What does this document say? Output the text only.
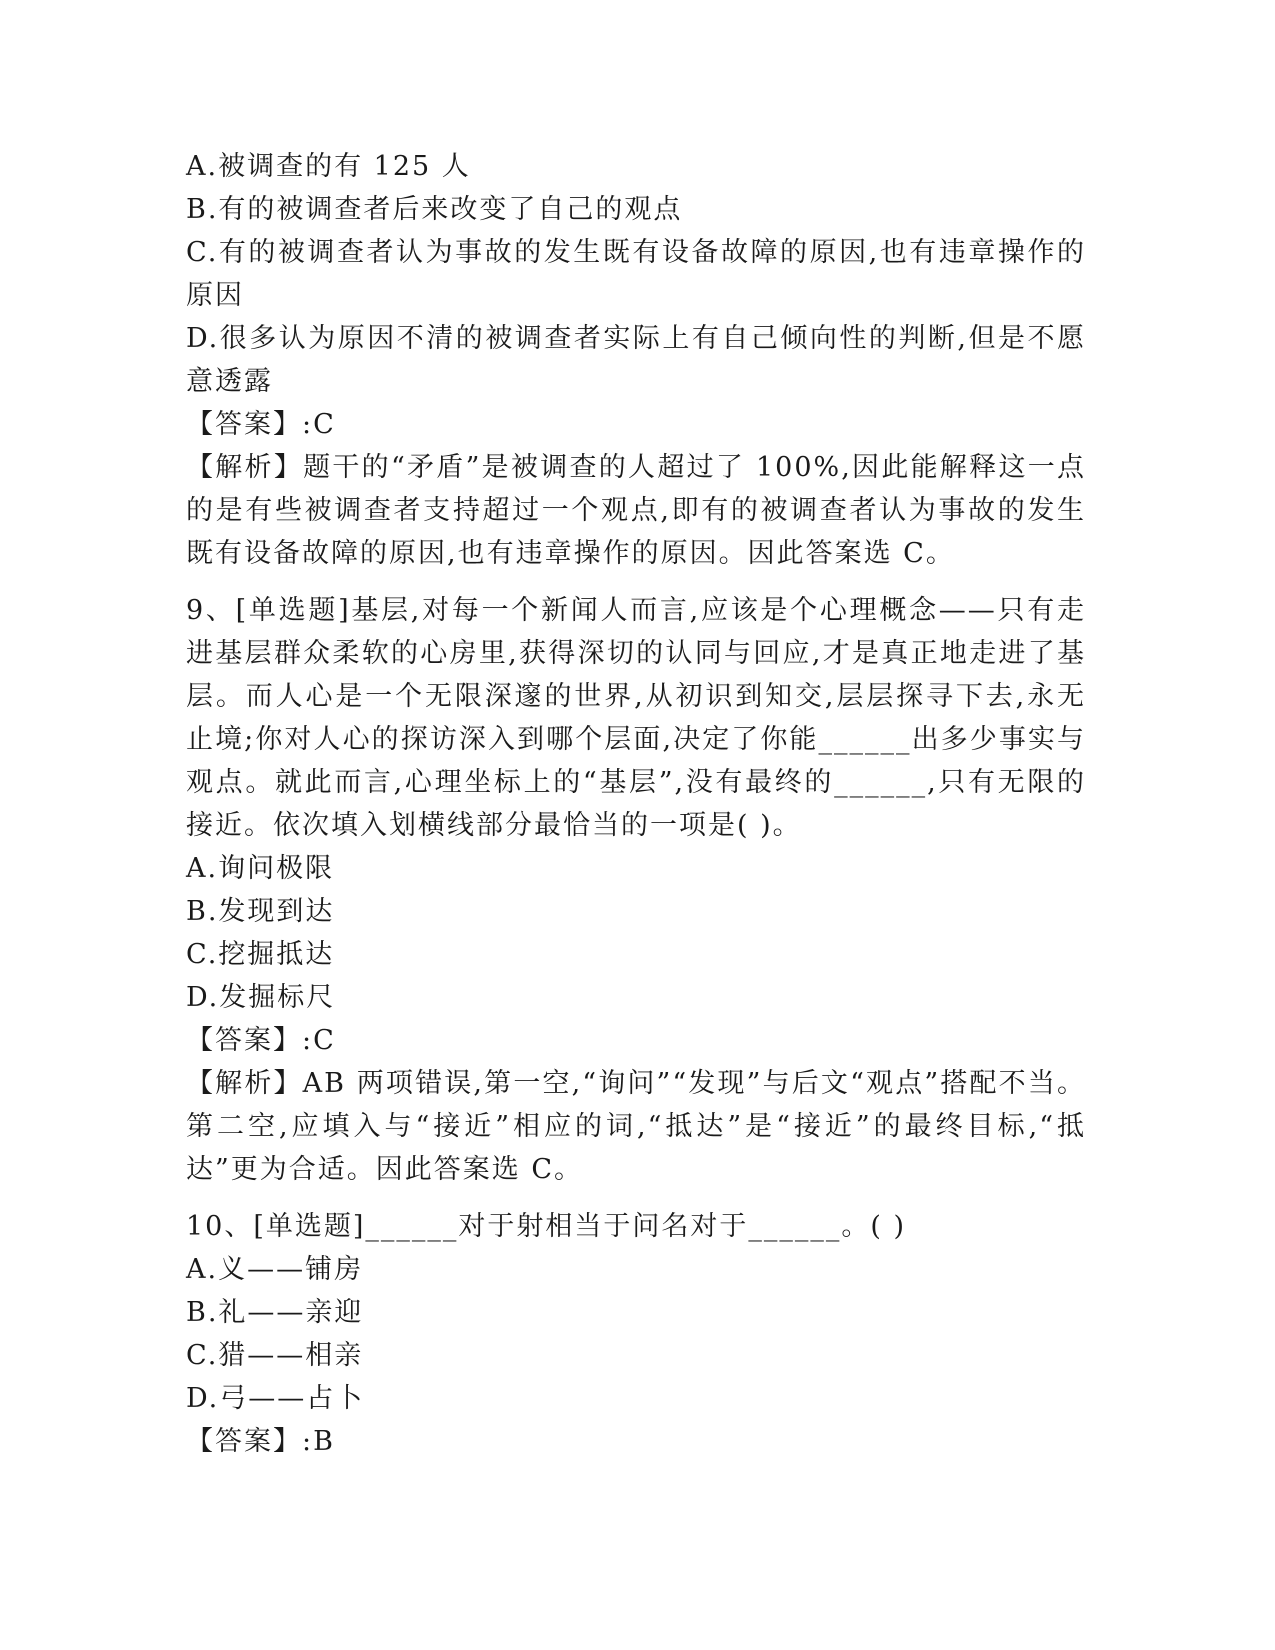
A.被调查的有 125 人

B.有的被调查者后来改变了自己的观点

C.有的被调查者认为事故的发生既有设备故障的原因,也有违章操作的原因

D.很多认为原因不清的被调查者实际上有自己倾向性的判断,但是不愿意透露

【答案】:C

【解析】题干的“矛盾”是被调查的人超过了 100%,因此能解释这一点的是有些被调查者支持超过一个观点,即有的被调查者认为事故的发生既有设备故障的原因,也有违章操作的原因。因此答案选 C。

9、[单选题]基层,对每一个新闻人而言,应该是个心理概念——只有走进基层群众柔软的心房里,获得深切的认同与回应,才是真正地走进了基层。而人心是一个无限深邃的世界,从初识到知交,层层探寻下去,永无止境;你对人心的探访深入到哪个层面,决定了你能______出多少事实与观点。就此而言,心理坐标上的“基层”,没有最终的______,只有无限的接近。依次填入划横线部分最恰当的一项是( )。

A.询问极限

B.发现到达

C.挖掘抵达

D.发掘标尺

【答案】:C

【解析】AB 两项错误,第一空,“询问”“发现”与后文“观点”搭配不当。第二空,应填入与“接近”相应的词,“抵达”是“接近”的最终目标,“抵达”更为合适。因此答案选 C。

10、[单选题]______对于射相当于问名对于______。( )

A.义——铺房

B.礼——亲迎

C.猎——相亲

D.弓——占卜

【答案】:B
